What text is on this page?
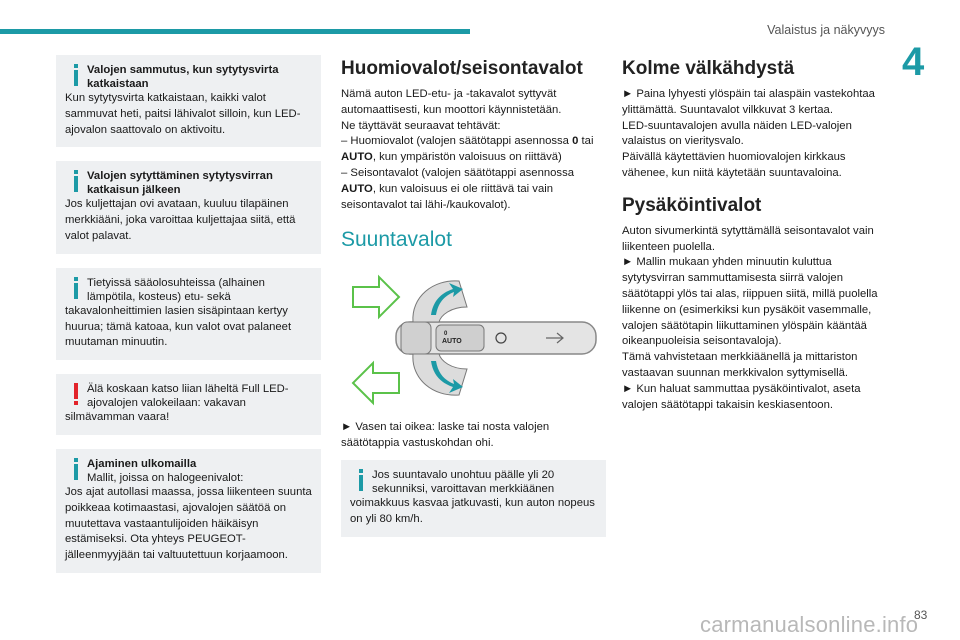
Valaistus ja näkyvyys
4
Valojen sammutus, kun sytytysvirta katkaistaan
Kun sytytysvirta katkaistaan, kaikki valot sammuvat heti, paitsi lähivalot silloin, kun LED-ajovalon saattovalo on aktivoitu.
Valojen sytyttäminen sytytysvirran katkaisun jälkeen
Jos kuljettajan ovi avataan, kuuluu tilapäinen merkkiääni, joka varoittaa kuljettajaa siitä, että valot palavat.
Tietyissä sääolosuhteissa (alhainen lämpötila, kosteus) etu- sekä
takavalonheittimien lasien sisäpintaan kertyy huurua; tämä katoaa, kun valot ovat palaneet muutaman minuutin.
Älä koskaan katso liian läheltä Full LED-ajovalojen valokeilaan: vakavan
silmävamman vaara!
Ajaminen ulkomailla
Mallit, joissa on halogeenivalot:
Jos ajat autollasi maassa, jossa liikenteen suunta poikkeaa kotimaastasi, ajovalojen säätöä on muutettava vastaantulijoiden häikäisyn estämiseksi. Ota yhteys PEUGEOT-jälleenmyyjään tai valtuutettuun korjaamoon.
Huomiovalot/seisontavalot
Nämä auton LED-etu- ja -takavalot syttyvät automaattisesti, kun moottori käynnistetään.
Ne täyttävät seuraavat tehtävät:
– Huomiovalot (valojen säätötappi asennossa 0 tai AUTO, kun ympäristön valoisuus on riittävä)
– Seisontavalot (valojen säätötappi asennossa AUTO, kun valoisuus ei ole riittävä tai vain seisontavalot tai lähi-/kaukovalot).
Suuntavalot
AUTO
0
► Vasen tai oikea: laske tai nosta valojen säätötappia vastuskohdan ohi.
Jos suuntavalo unohtuu päälle yli 20 sekunniksi, varoittavan merkkiäänen
voimakkuus kasvaa jatkuvasti, kun auton nopeus on yli 80 km/h.
Kolme välkähdystä
► Paina lyhyesti ylöspäin tai alaspäin vastekohtaa ylittämättä. Suuntavalot vilkkuvat 3 kertaa.
LED-suuntavalojen avulla näiden LED-valojen valaistus on vieritysvalo.
Päivällä käytettävien huomiovalojen kirkkaus vähenee, kun niitä käytetään suuntavaloina.
Pysäköintivalot
Auton sivumerkintä sytyttämällä seisontavalot vain liikenteen puolella.
► Mallin mukaan yhden minuutin kuluttua sytytysvirran sammuttamisesta siirrä valojen säätötappi ylös tai alas, riippuen siitä, millä puolella liikenne on (esimerkiksi kun pysäköit vasemmalle, valojen säätötapin liikuttaminen ylöspäin kääntää oikeanpuoleisia seisontavaloja).
Tämä vahvistetaan merkkiäänellä ja mittariston vastaavan suunnan merkkivalon syttymisellä.
► Kun haluat sammuttaa pysäköintivalot, aseta valojen säätötappi takaisin keskiasentoon.
carmanualsonline.info
83
